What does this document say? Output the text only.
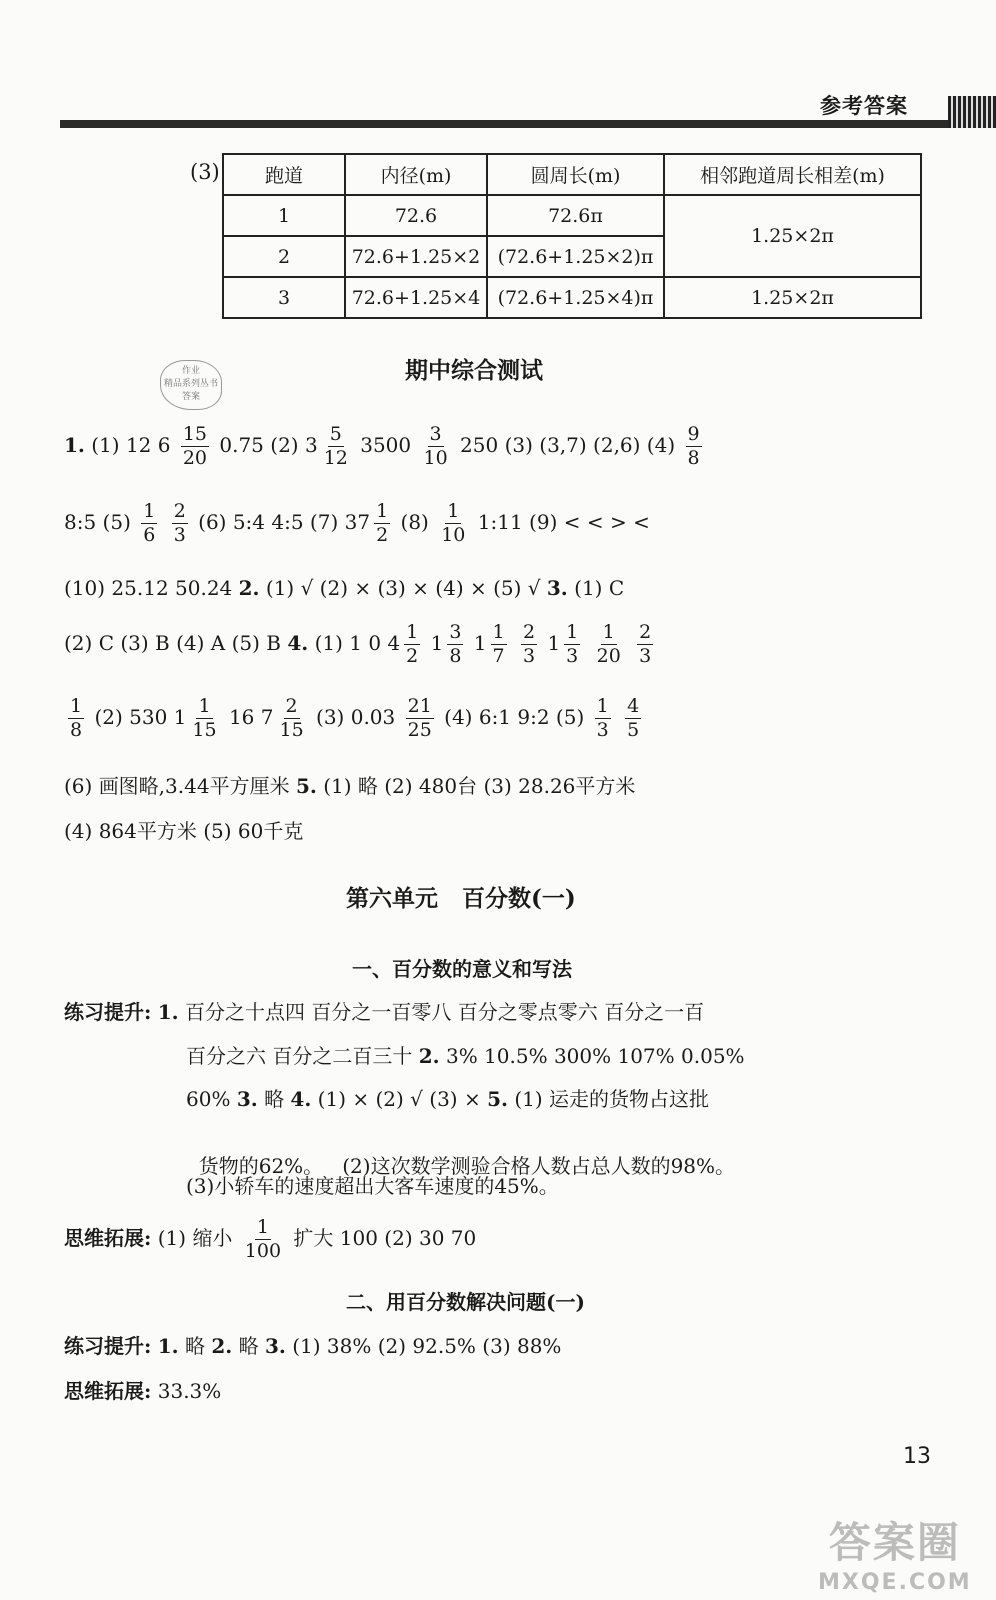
参考答案
(3) 跑道	内径(m)	圆周长(m)	相邻跑道周长相差(m)
1	72.6	72.6π	1.25×2π
2	72.6+1.25×2	(72.6+1.25×2)π	
3	72.6+1.25×4	(72.6+1.25×4)π	1.25×2π
作业
精品系列丛书
答案
期中综合测试
1. (1) 12 $6 \frac{15}{20} 0.75$ (2) $3 \frac{5}{12} 3500 \frac{3}{10} 250$ (3) (3,7) (2,6) $(4) \frac{9}{8}$
8:5 $(5) \frac{1}{6}$
$\frac{2}{3} (6)$ 5:4 4:5 (7) $37 \frac{1}{2} (8) \frac{1}{10}$ 1:11 (9) < < > <
(10) 25.12 50.24 2. (1) √ (2) × (3) × (4) × (5) √ 3. (1) C
(2) C (3) B (4) A (5) B 4. (1) 1 0 $4 \frac{1}{2} 1 \frac{3}{8} 1 \frac{1}{7}$
$\frac{2}{3} 1 \frac{1}{3}$
$\frac{1}{20}$
$\frac{2}{3}$
$\frac{1}{8} (2)$ 530 $1 \frac{1}{15} 16$ $7 \frac{2}{15} (3)$ $0.03 \frac{21}{25} (4)$ 6:1 9:2 $(5) \frac{1}{3}$
$\frac{4}{5}$
(6) 画图略,3.44平方厘米 5. (1) 略 (2) 480台 (3) 28.26平方米
(4) 864平方米 (5) 60千克
第六单元   百分数(一)
一、百分数的意义和写法
练习提升: 1. 百分之十点四 百分之一百零八 百分之零点零六 百分之一百
百分之六 百分之二百三十 2. 3% 10.5% 300% 107% 0.05%
60% 3. 略 4. (1) × (2) √ (3) × 5. (1) 运走的货物占这批

货物的62%。   (2)这次数学测验合格人数占总人数的98%。

(3)小轿车的速度超出大客车速度的45%。
思维拓展: (1) 缩小 $\frac{1}{100}$ 扩大 100 (2) 30 70
二、用百分数解决问题(一)
练习提升: 1. 略 2. 略 3. (1) 38% (2) 92.5% (3) 88%
思维拓展: 33.3%
13
答案圈
MXQE.COM
